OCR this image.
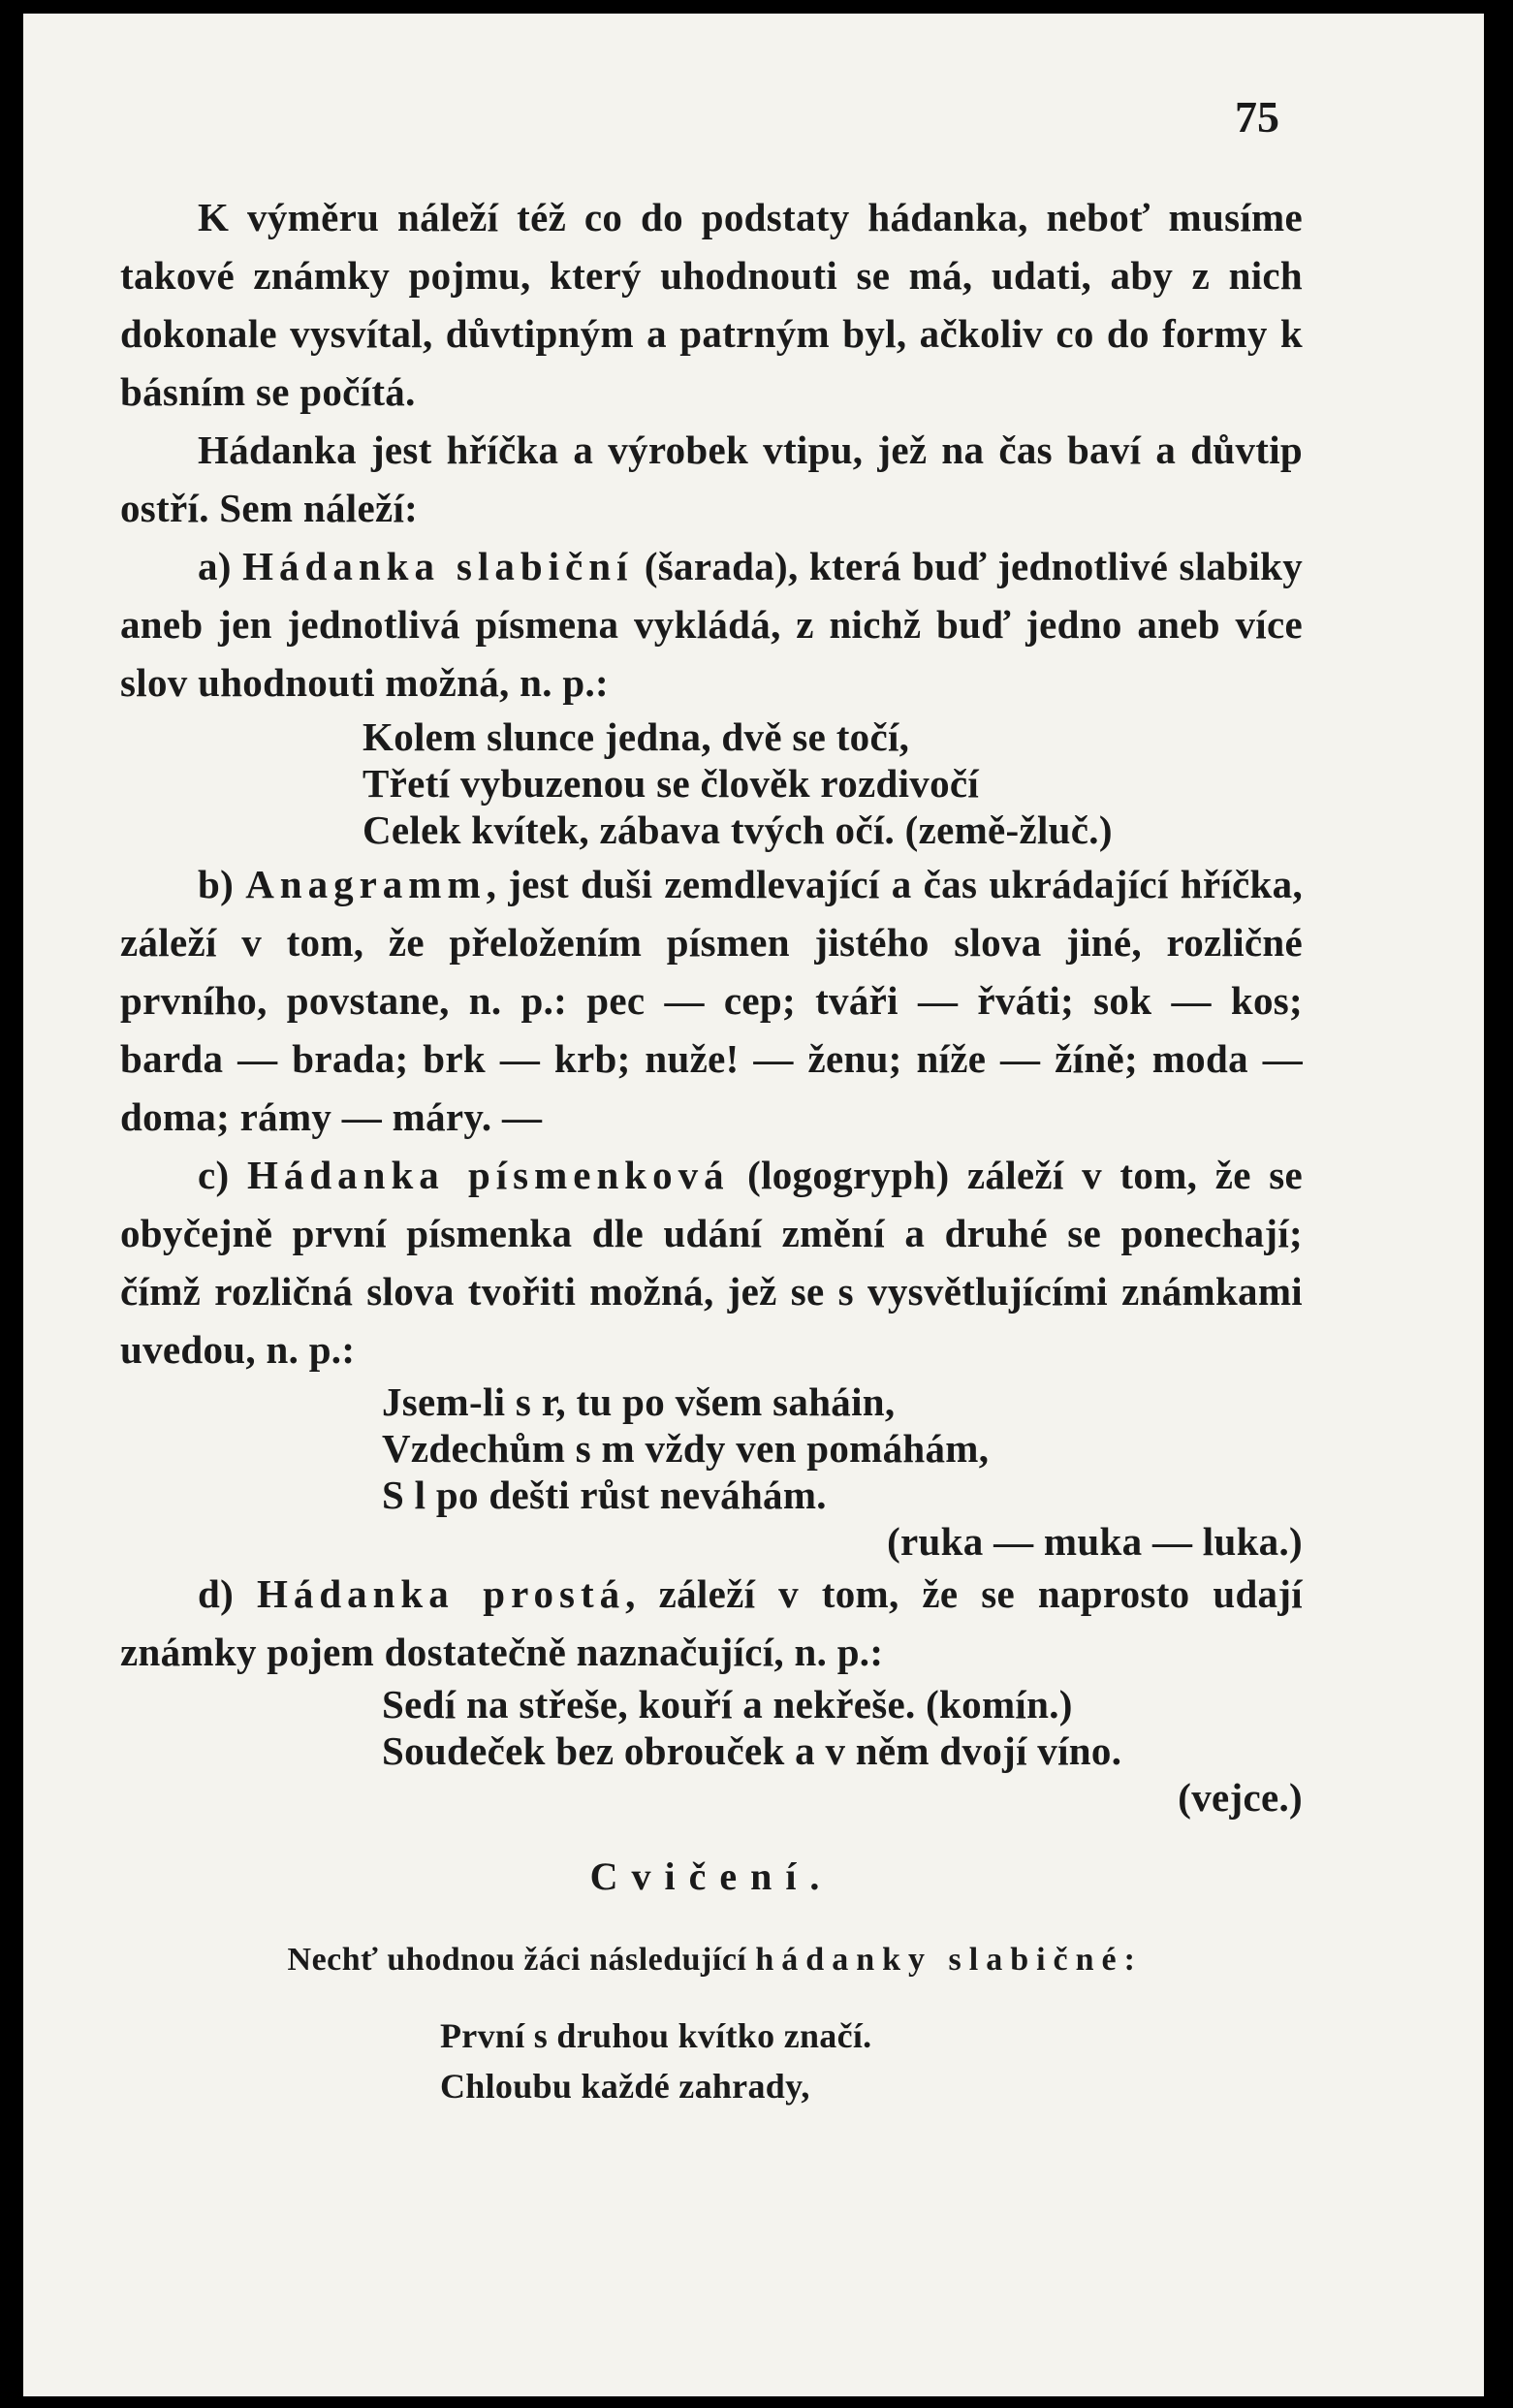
75

K výměru náleží též co do podstaty hádanka, neboť musíme takové známky pojmu, který uhodnouti se má, udati, aby z nich dokonale vysvítal, důvtipným a patrným byl, ačkoliv co do formy k básním se počítá.

Hádanka jest hříčka a výrobek vtipu, jež na čas baví a důvtip ostří. Sem náleží:

a) Hádanka slabiční (šarada), která buď jednotlivé slabiky aneb jen jednotlivá písmena vykládá, z nichž buď jedno aneb více slov uhodnouti možná, n. p.:

Kolem slunce jedna, dvě se točí,
Třetí vybuzenou se člověk rozdivočí
Celek kvítek, zábava tvých očí. (země-žluč.)

b) Anagramm, jest duši zemdlevající a čas ukrádající hříčka, záleží v tom, že přeložením písmen jistého slova jiné, rozličné prvního, povstane, n. p.: pec — cep; tváři — řváti; sok — kos; barda — brada; brk — krb; nuže! — ženu; níže — žíně; moda — doma; rámy — máry. —

c) Hádanka písmenková (logogryph) záleží v tom, že se obyčejně první písmenka dle udání změní a druhé se ponechají; čímž rozličná slova tvořiti možná, jež se s vysvětlujícími známkami uvedou, n. p.:

Jsem-li s r, tu po všem saháin,
Vzdechům s m vždy ven pomáhám,
S l po dešti růst neváhám.
(ruka — muka — luka.)

d) Hádanka prostá, záleží v tom, že se naprosto udají známky pojem dostatečně naznačující, n. p.:

Sedí na střeše, kouří a nekřeše. (komín.)
Soudeček bez obrouček a v něm dvojí víno.
(vejce.)
Cvičení.

Nechť uhodnou žáci následující hádanky slabičné:

První s druhou kvítko značí.
Chloubu každé zahrady,
